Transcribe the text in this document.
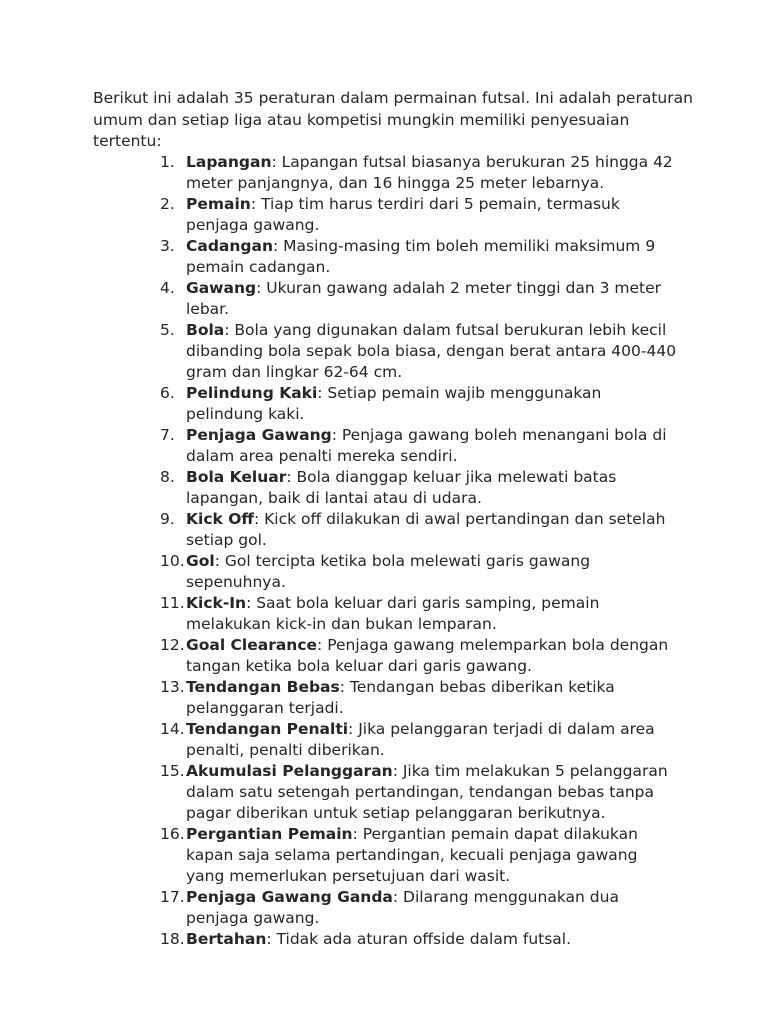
Berikut ini adalah 35 peraturan dalam permainan futsal. Ini adalah peraturan umum dan setiap liga atau kompetisi mungkin memiliki penyesuaian tertentu:

1. Lapangan: Lapangan futsal biasanya berukuran 25 hingga 42 meter panjangnya, dan 16 hingga 25 meter lebarnya.
2. Pemain: Tiap tim harus terdiri dari 5 pemain, termasuk penjaga gawang.
3. Cadangan: Masing-masing tim boleh memiliki maksimum 9 pemain cadangan.
4. Gawang: Ukuran gawang adalah 2 meter tinggi dan 3 meter lebar.
5. Bola: Bola yang digunakan dalam futsal berukuran lebih kecil dibanding bola sepak bola biasa, dengan berat antara 400-440 gram dan lingkar 62-64 cm.
6. Pelindung Kaki: Setiap pemain wajib menggunakan pelindung kaki.
7. Penjaga Gawang: Penjaga gawang boleh menangani bola di dalam area penalti mereka sendiri.
8. Bola Keluar: Bola dianggap keluar jika melewati batas lapangan, baik di lantai atau di udara.
9. Kick Off: Kick off dilakukan di awal pertandingan dan setelah setiap gol.
10. Gol: Gol tercipta ketika bola melewati garis gawang sepenuhnya.
11. Kick-In: Saat bola keluar dari garis samping, pemain melakukan kick-in dan bukan lemparan.
12. Goal Clearance: Penjaga gawang melemparkan bola dengan tangan ketika bola keluar dari garis gawang.
13. Tendangan Bebas: Tendangan bebas diberikan ketika pelanggaran terjadi.
14. Tendangan Penalti: Jika pelanggaran terjadi di dalam area penalti, penalti diberikan.
15. Akumulasi Pelanggaran: Jika tim melakukan 5 pelanggaran dalam satu setengah pertandingan, tendangan bebas tanpa pagar diberikan untuk setiap pelanggaran berikutnya.
16. Pergantian Pemain: Pergantian pemain dapat dilakukan kapan saja selama pertandingan, kecuali penjaga gawang yang memerlukan persetujuan dari wasit.
17. Penjaga Gawang Ganda: Dilarang menggunakan dua penjaga gawang.
18. Bertahan: Tidak ada aturan offside dalam futsal.
